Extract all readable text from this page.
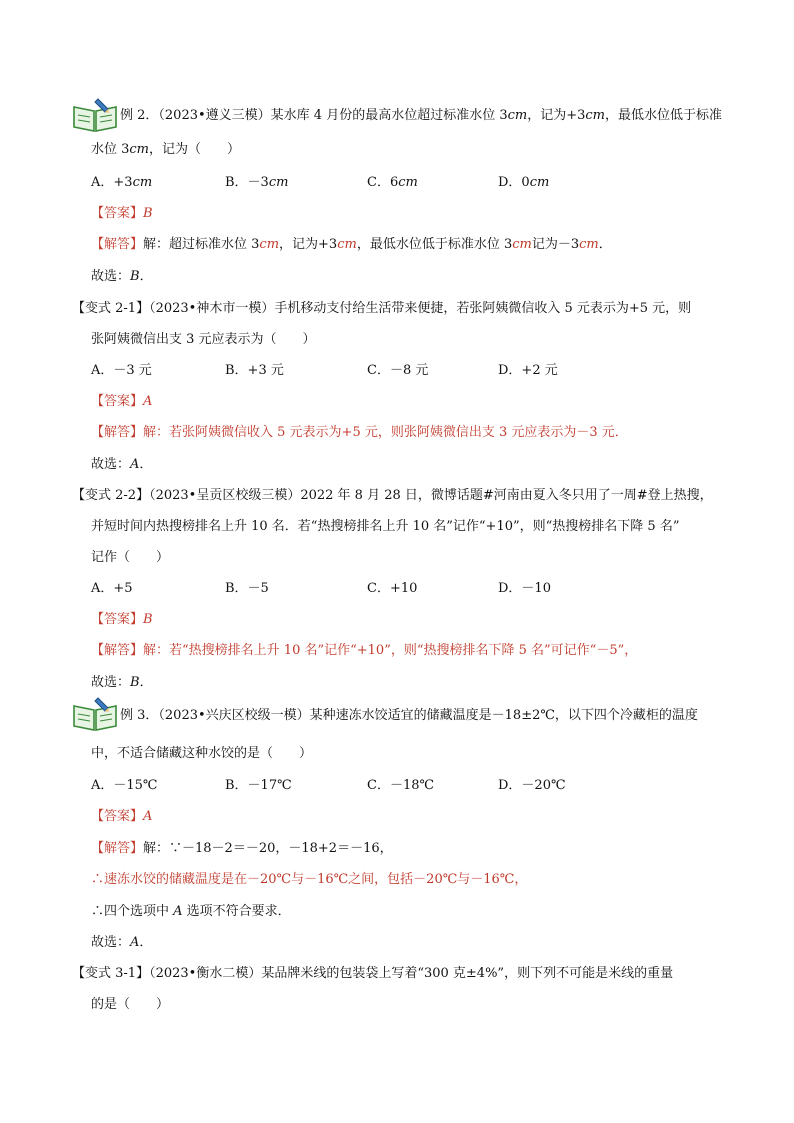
例 2．（2023•遵义三模）某水库 4 月份的最高水位超过标准水位 3cm，记为+3cm，最低水位低于标准
水位 3cm，记为（　　）
A．+3cm	B．－3cm	C．6cm	D．0cm
【答案】B
【解答】解：超过标准水位 3cm，记为+3cm，最低水位低于标准水位 3cm记为－3cm．
故选：B．
【变式 2-1】（2023•神木市一模）手机移动支付给生活带来便捷，若张阿姨微信收入 5 元表示为+5 元，则
张阿姨微信出支 3 元应表示为（　　）
A．－3 元	B．+3 元	C．－8 元	D．+2 元
【答案】A
【解答】解：若张阿姨微信收入 5 元表示为+5 元，则张阿姨微信出支 3 元应表示为－3 元．
故选：A．
【变式 2-2】（2023•呈贡区校级三模）2022 年 8 月 28 日，微博话题#河南由夏入冬只用了一周#登上热搜，
并短时间内热搜榜排名上升 10 名．若“热搜榜排名上升 10 名”记作“+10”，则“热搜榜排名下降 5 名”
记作（　　）
A．+5	B．－5	C．+10	D．－10
【答案】B
【解答】解：若“热搜榜排名上升 10 名”记作“+10”，则“热搜榜排名下降 5 名”可记作“－5”，
故选：B．
例 3．（2023•兴庆区校级一模）某种速冻水饺适宜的储藏温度是－18±2℃，以下四个冷藏柜的温度
中，不适合储藏这种水饺的是（　　）
A．－15℃	B．－17℃	C．－18℃	D．－20℃
【答案】A
【解答】解：∵－18－2＝－20，－18+2＝－16，
∴速冻水饺的储藏温度是在－20℃与－16℃之间，包括－20℃与－16℃，
∴四个选项中 A 选项不符合要求．
故选：A．
【变式 3-1】（2023•衡水二模）某品牌米线的包装袋上写着“300 克±4%”，则下列不可能是米线的重量
的是（　　）
